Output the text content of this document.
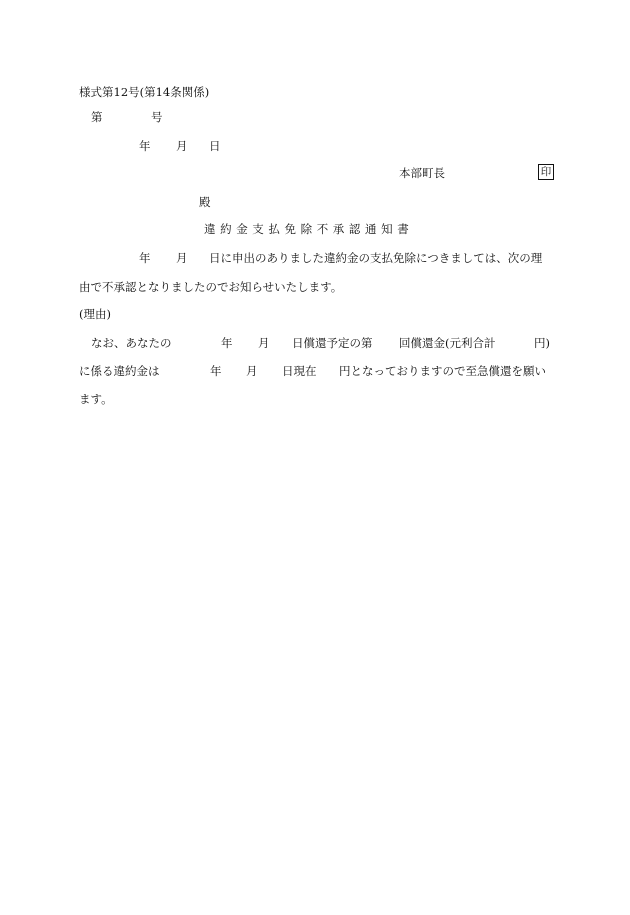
様式第12号(第14条関係)
第	号
年 月 日
本部町長	印
殿
違約金支払免除不承認通知書
年 月 日に申出のありました違約金の支払免除につきましては、次の理
由で不承認となりましたのでお知らせいたします。
(理由)
なお、あなたの	年 月 日償還予定の第 回償還金(元利合計	円)
に係る違約金は	年 月 日現在 円となっておりますので至急償還を願い
ます。
